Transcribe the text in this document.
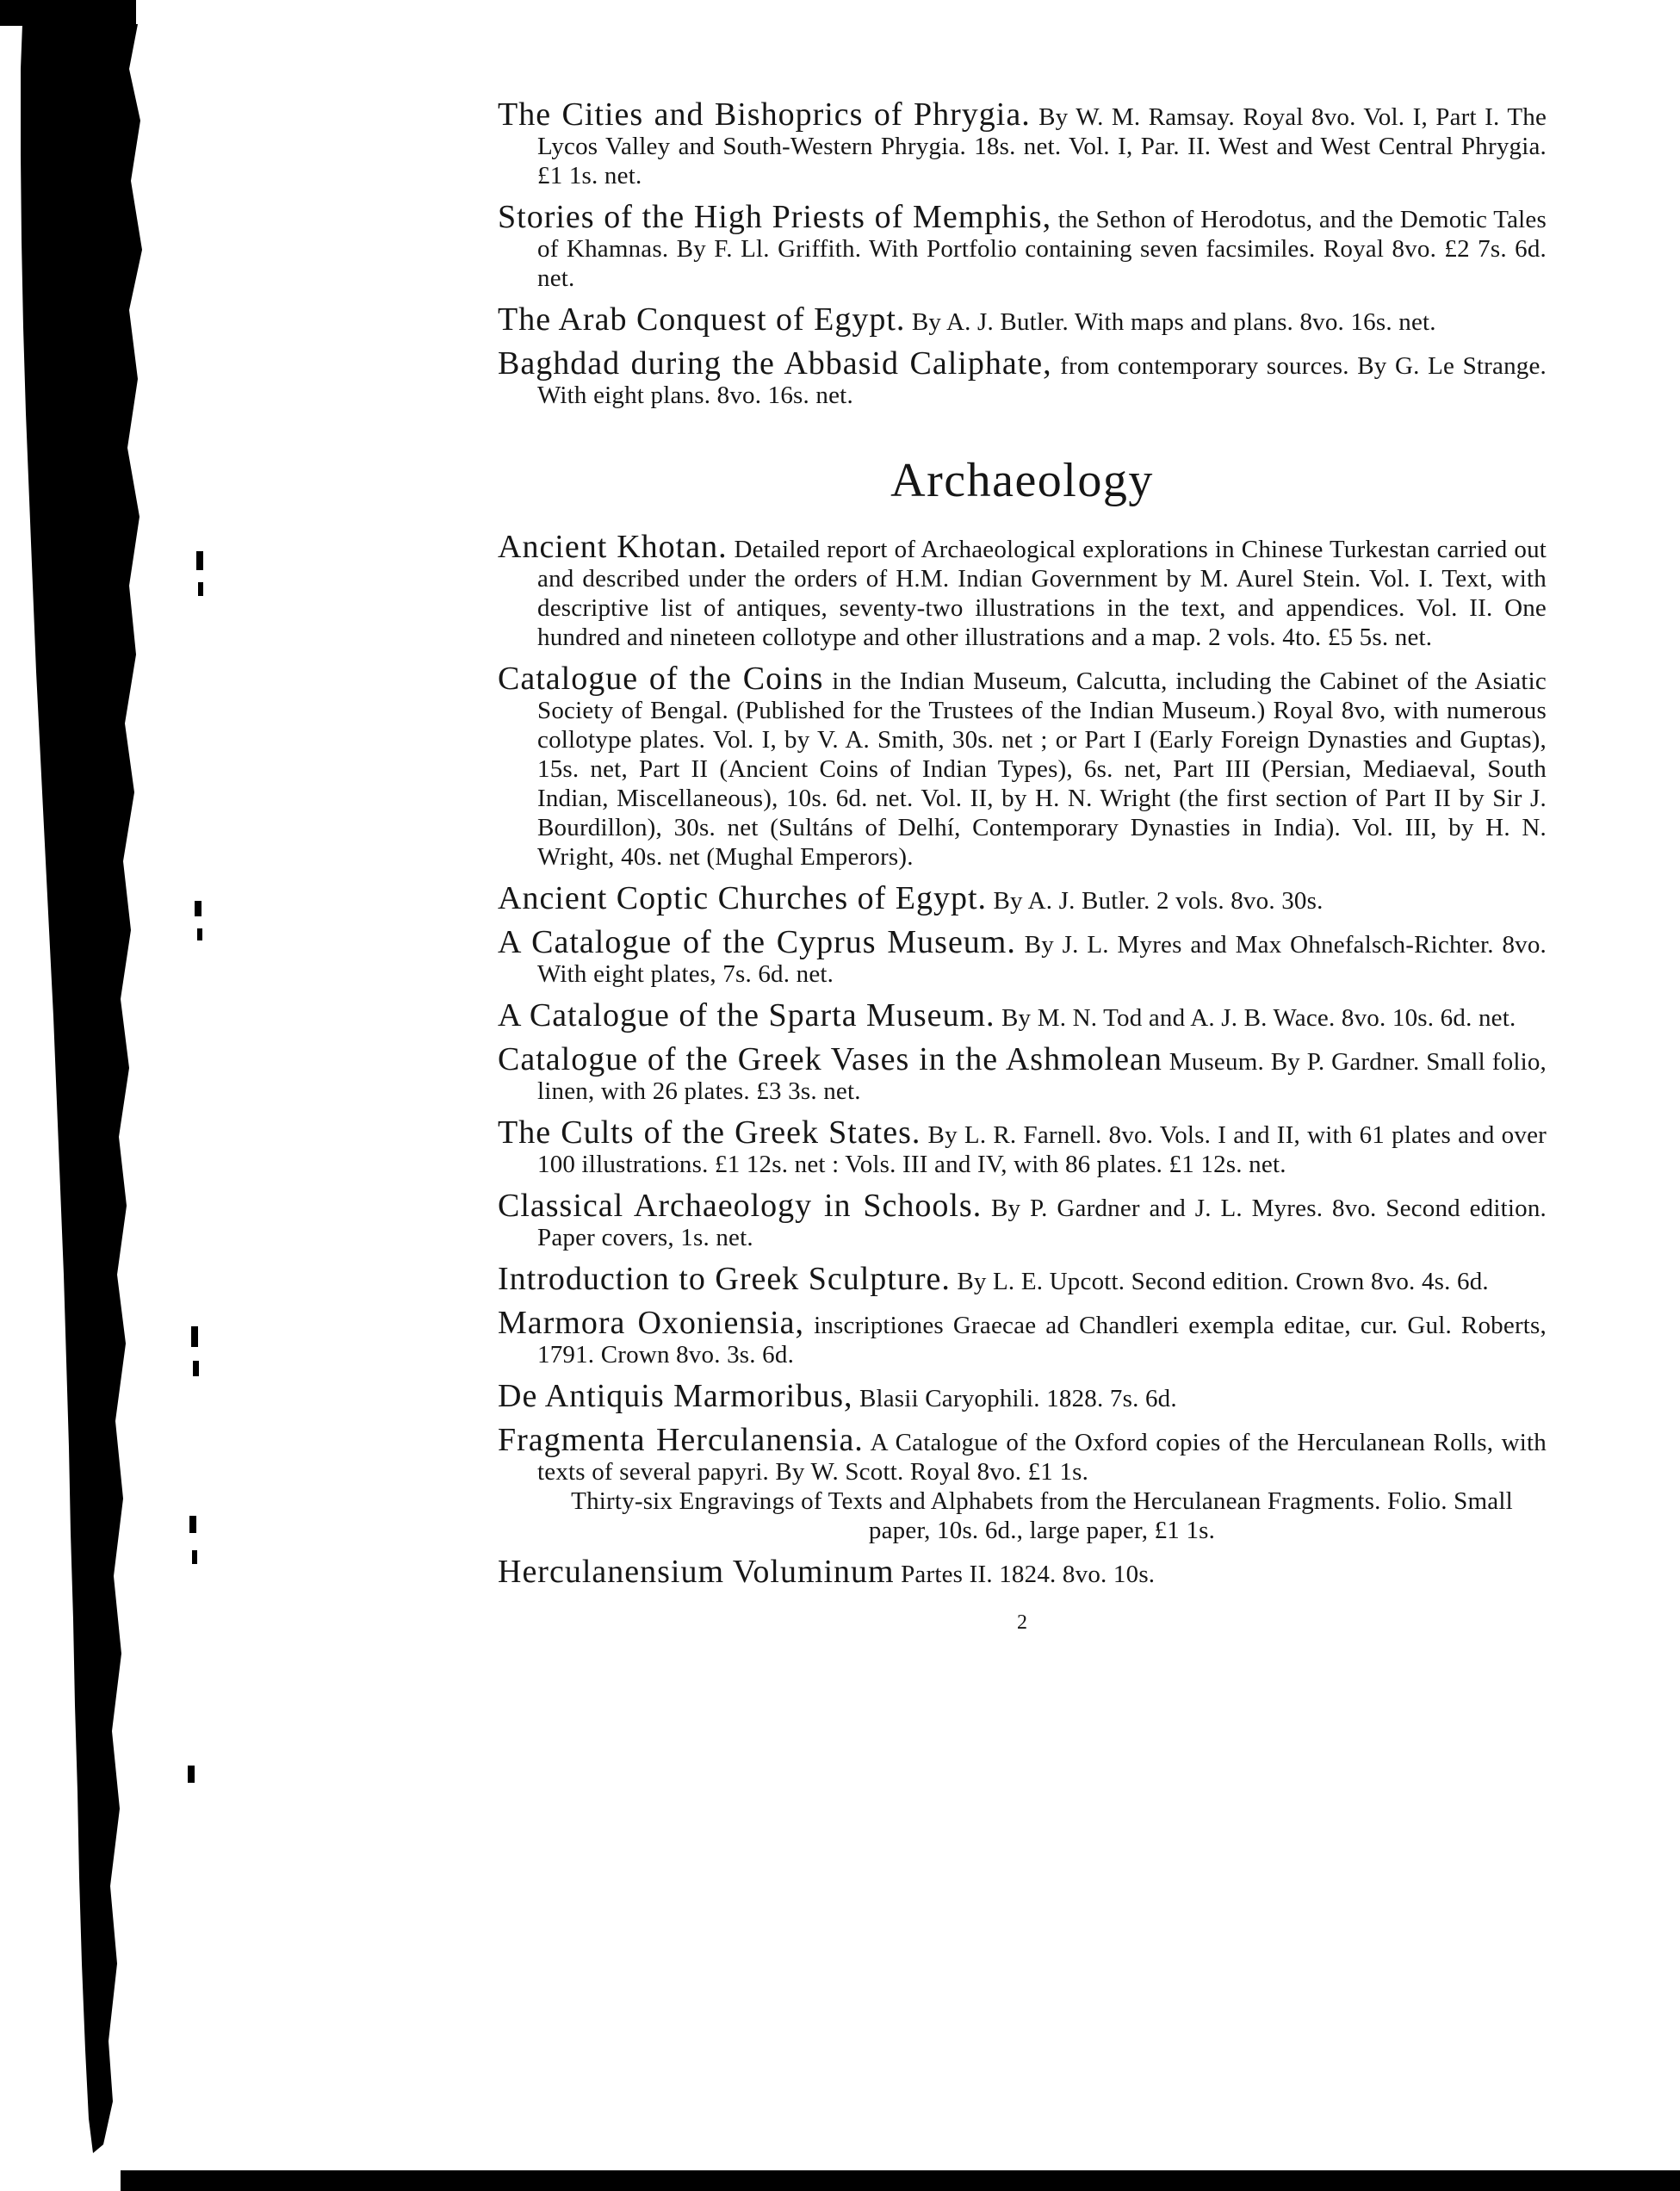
The Cities and Bishoprics of Phrygia. By W. M. Ramsay. Royal 8vo. Vol. I, Part I. The Lycos Valley and South-Western Phrygia. 18s. net. Vol. I, Par. II. West and West Central Phrygia. £1 1s. net.

Stories of the High Priests of Memphis, the Sethon of Herodotus, and the Demotic Tales of Khamnas. By F. Ll. Griffith. With Portfolio containing seven facsimiles. Royal 8vo. £2 7s. 6d. net.

The Arab Conquest of Egypt. By A. J. Butler. With maps and plans. 8vo. 16s. net.

Baghdad during the Abbasid Caliphate, from contemporary sources. By G. Le Strange. With eight plans. 8vo. 16s. net.

Archaeology

Ancient Khotan. Detailed report of Archaeological explorations in Chinese Turkestan carried out and described under the orders of H.M. Indian Government by M. Aurel Stein. Vol. I. Text, with descriptive list of antiques, seventy-two illustrations in the text, and appendices. Vol. II. One hundred and nineteen collotype and other illustrations and a map. 2 vols. 4to. £5 5s. net.

Catalogue of the Coins in the Indian Museum, Calcutta, including the Cabinet of the Asiatic Society of Bengal. (Published for the Trustees of the Indian Museum.) Royal 8vo, with numerous collotype plates. Vol. I, by V. A. Smith, 30s. net ; or Part I (Early Foreign Dynasties and Guptas), 15s. net, Part II (Ancient Coins of Indian Types), 6s. net, Part III (Persian, Mediaeval, South Indian, Miscellaneous), 10s. 6d. net. Vol. II, by H. N. Wright (the first section of Part II by Sir J. Bourdillon), 30s. net (Sultáns of Delhí, Contemporary Dynasties in India). Vol. III, by H. N. Wright, 40s. net (Mughal Emperors).

Ancient Coptic Churches of Egypt. By A. J. Butler. 2 vols. 8vo. 30s.

A Catalogue of the Cyprus Museum. By J. L. Myres and Max Ohnefalsch-Richter. 8vo. With eight plates, 7s. 6d. net.

A Catalogue of the Sparta Museum. By M. N. Tod and A. J. B. Wace. 8vo. 10s. 6d. net.

Catalogue of the Greek Vases in the Ashmolean Museum. By P. Gardner. Small folio, linen, with 26 plates. £3 3s. net.

The Cults of the Greek States. By L. R. Farnell. 8vo. Vols. I and II, with 61 plates and over 100 illustrations. £1 12s. net : Vols. III and IV, with 86 plates. £1 12s. net.

Classical Archaeology in Schools. By P. Gardner and J. L. Myres. 8vo. Second edition. Paper covers, 1s. net.

Introduction to Greek Sculpture. By L. E. Upcott. Second edition. Crown 8vo. 4s. 6d.

Marmora Oxoniensia, inscriptiones Graecae ad Chandleri exempla editae, cur. Gul. Roberts, 1791. Crown 8vo. 3s. 6d.

De Antiquis Marmoribus, Blasii Caryophili. 1828. 7s. 6d.

Fragmenta Herculanensia. A Catalogue of the Oxford copies of the Herculanean Rolls, with texts of several papyri. By W. Scott. Royal 8vo. £1 1s.
Thirty-six Engravings of Texts and Alphabets from the Herculanean Fragments. Folio. Small paper, 10s. 6d., large paper, £1 1s.

Herculanensium Voluminum Partes II. 1824. 8vo. 10s.

2
